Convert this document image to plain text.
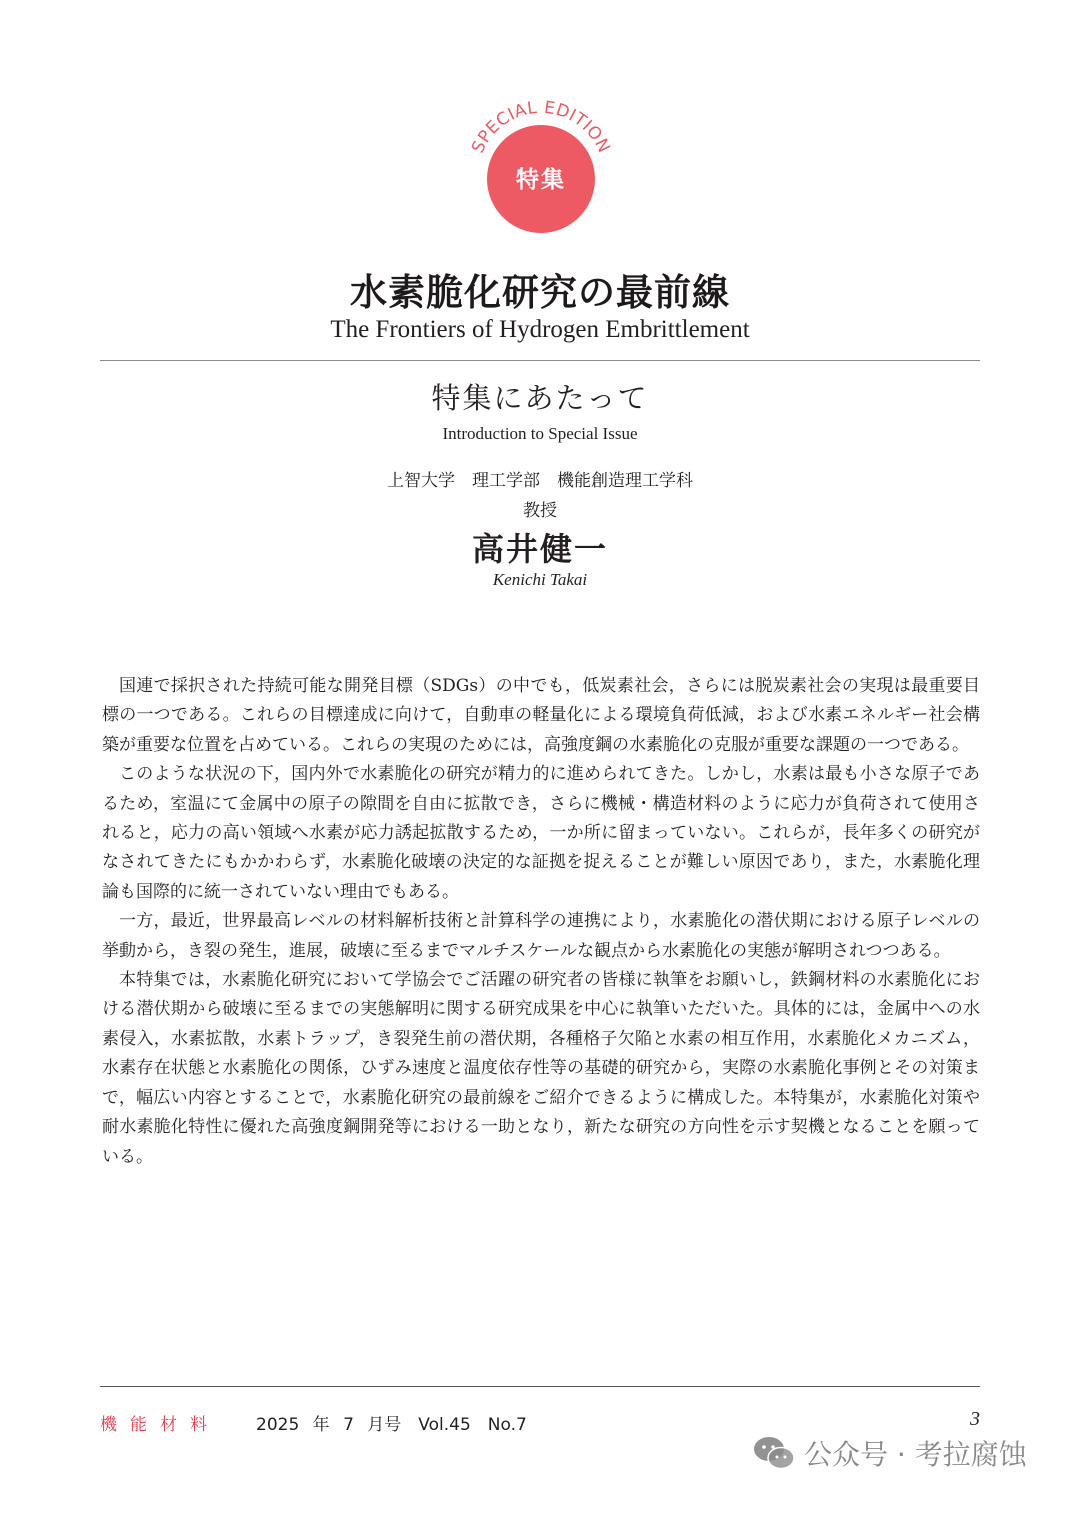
SPECIAL EDITION
特集
水素脆化研究の最前線
The Frontiers of Hydrogen Embrittlement
特集にあたって
Introduction to Special Issue
上智大学　理工学部　機能創造理工学科
教授
高井健一
Kenichi Takai

国連で採択された持続可能な開発目標（SDGs）の中でも，低炭素社会，さらには脱炭素社会の実現は最重要目標の一つである。これらの目標達成に向けて，自動車の軽量化による環境負荷低減，および水素エネルギー社会構築が重要な位置を占めている。これらの実現のためには，高強度鋼の水素脆化の克服が重要な課題の一つである。

このような状況の下，国内外で水素脆化の研究が精力的に進められてきた。しかし，水素は最も小さな原子であるため，室温にて金属中の原子の隙間を自由に拡散でき，さらに機械・構造材料のように応力が負荷されて使用されると，応力の高い領域へ水素が応力誘起拡散するため，一か所に留まっていない。これらが，長年多くの研究がなされてきたにもかかわらず，水素脆化破壊の決定的な証拠を捉えることが難しい原因であり，また，水素脆化理論も国際的に統一されていない理由でもある。

一方，最近，世界最高レベルの材料解析技術と計算科学の連携により，水素脆化の潜伏期における原子レベルの挙動から，き裂の発生，進展，破壊に至るまでマルチスケールな観点から水素脆化の実態が解明されつつある。

本特集では，水素脆化研究において学協会でご活躍の研究者の皆様に執筆をお願いし，鉄鋼材料の水素脆化における潜伏期から破壊に至るまでの実態解明に関する研究成果を中心に執筆いただいた。具体的には，金属中への水素侵入，水素拡散，水素トラップ，き裂発生前の潜伏期，各種格子欠陥と水素の相互作用，水素脆化メカニズム，水素存在状態と水素脆化の関係，ひずみ速度と温度依存性等の基礎的研究から，実際の水素脆化事例とその対策まで，幅広い内容とすることで，水素脆化研究の最前線をご紹介できるように構成した。本特集が，水素脆化対策や耐水素脆化特性に優れた高強度鋼開発等における一助となり，新たな研究の方向性を示す契機となることを願っている。

機能材料 2025 年 7 月号　Vol.45　No.7	3
公众号 · 考拉腐蚀
